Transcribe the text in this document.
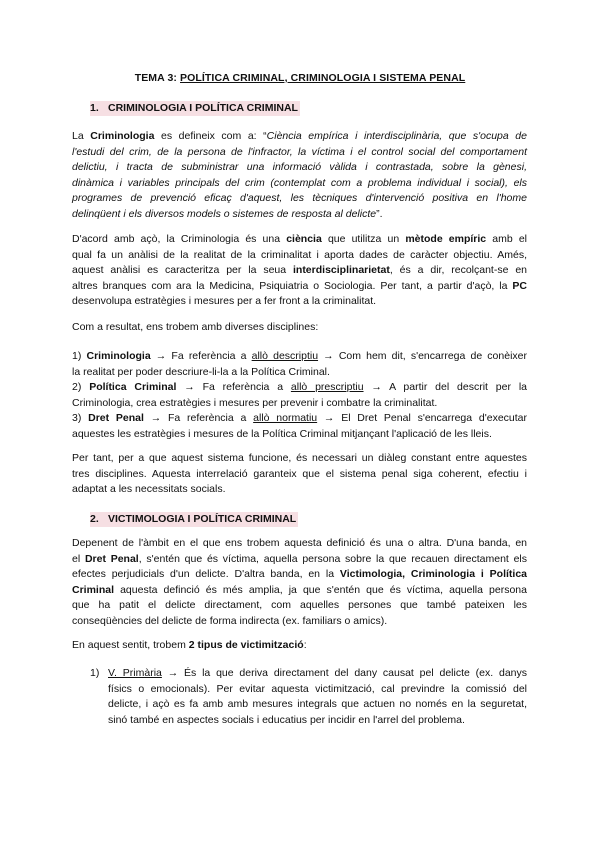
TEMA 3: POLÍTICA CRIMINAL, CRIMINOLOGIA I SISTEMA PENAL
1. CRIMINOLOGIA I POLÍTICA CRIMINAL
La Criminologia es defineix com a: “Ciència empírica i interdisciplinària, que s'ocupa de
l'estudi del crim, de la persona de l'infractor, la víctima i el control social del comportament
delictiu, i tracta de subministrar una informació vàlida i contrastada, sobre la gènesi,
dinàmica i variables principals del crim (contemplat com a problema individual i social), els
programes de prevenció eficaç d'aquest, les tècniques d'intervenció positiva en l'home
delinqüent i els diversos models o sistemes de resposta al delicte”.
D'acord amb açò, la Criminologia és una ciència que utilitza un mètode empíric amb el
qual fa un anàlisi de la realitat de la criminalitat i aporta dades de caràcter objectiu. Amés,
aquest anàlisi es caracteritza per la seua interdisciplinarietat, és a dir, recolçant-se en
altres branques com ara la Medicina, Psiquiatria o Sociologia. Per tant, a partir d'açò, la PC
desenvolupa estratègies i mesures per a fer front a la criminalitat.
Com a resultat, ens trobem amb diverses disciplines:
1) Criminologia → Fa referència a allò descriptiu → Com hem dit, s'encarrega de conèixer
la realitat per poder descriure-li-la a la Política Criminal.
2) Política Criminal → Fa referència a allò prescriptiu → A partir del descrit per la
Criminologia, crea estratègies i mesures per prevenir i combatre la criminalitat.
3) Dret Penal → Fa referència a allò normatiu → El Dret Penal s'encarrega d'executar
aquestes les estratègies i mesures de la Política Criminal mitjançant l'aplicació de les lleis.
Per tant, per a que aquest sistema funcione, és necessari un diàleg constant entre aquestes
tres disciplines. Aquesta interrelació garanteix que el sistema penal siga coherent, efectiu i
adaptat a les necessitats socials.
2. VICTIMOLOGIA I POLÍTICA CRIMINAL
Depenent de l'àmbit en el que ens trobem aquesta definició és una o altra. D'una banda, en
el Dret Penal, s'entén que és víctima, aquella persona sobre la que recauen directament els
efectes perjudicials d'un delicte. D'altra banda, en la Victimologia, Criminologia i Política
Criminal aquesta definció és més amplia, ja que s'entén que és víctima, aquella persona
que ha patit el delicte directament, com aquelles persones que també pateixen les
conseqüències del delicte de forma indirecta (ex. familiars o amics).
En aquest sentit, trobem 2 tipus de victimització:
1) V. Primària → És la que deriva directament del dany causat pel delicte (ex. danys
físics o emocionals). Per evitar aquesta victimització, cal previndre la comissió del
delicte, i açò es fa amb amb mesures integrals que actuen no només en la seguretat,
sinó també en aspectes socials i educatius per incidir en l'arrel del problema.
